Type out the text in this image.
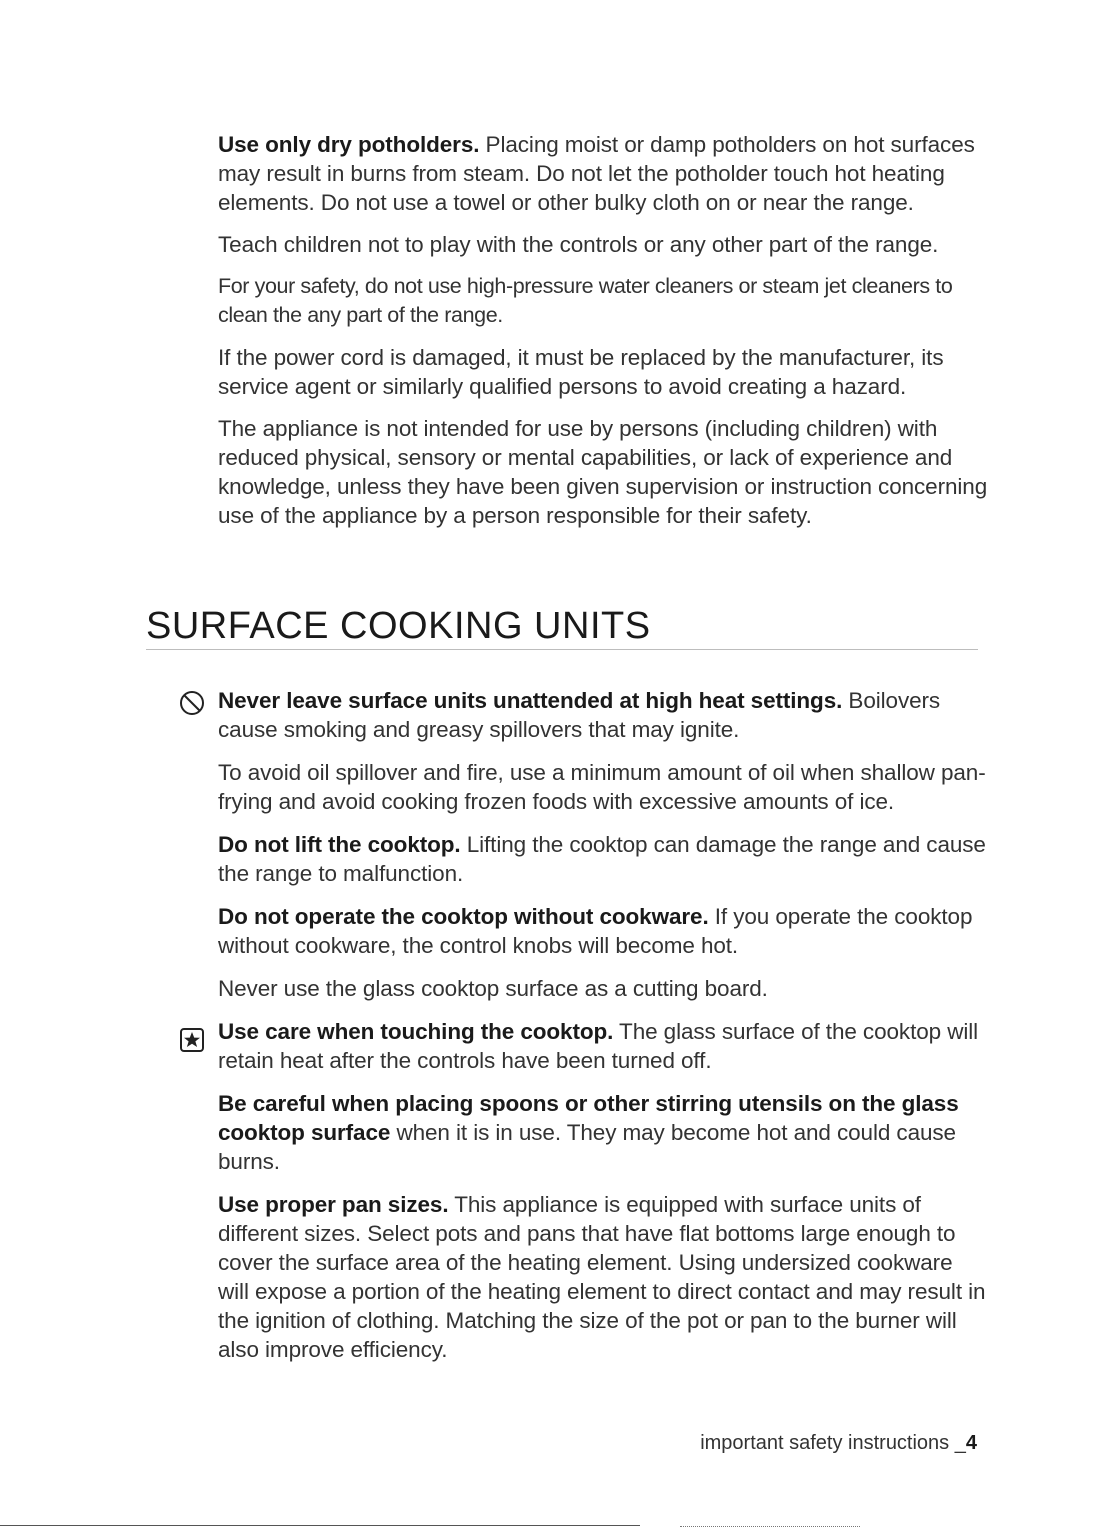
Use only dry potholders. Placing moist or damp potholders on hot surfaces may result in burns from steam. Do not let the potholder touch hot heating elements. Do not use a towel or other bulky cloth on or near the range.

Teach children not to play with the controls or any other part of the range.

For your safety, do not use high-pressure water cleaners or steam jet cleaners to clean the any part of the range.

If the power cord is damaged, it must be replaced by the manufacturer, its service agent or similarly qualified persons to avoid creating a hazard.

The appliance is not intended for use by persons (including children) with reduced physical, sensory or mental capabilities, or lack of experience and knowledge, unless they have been given supervision or instruction concerning use of the appliance by a person responsible for their safety.

SURFACE COOKING UNITS

Never leave surface units unattended at high heat settings. Boilovers cause smoking and greasy spillovers that may ignite.

To avoid oil spillover and fire, use a minimum amount of oil when shallow pan-frying and avoid cooking frozen foods with excessive amounts of ice.

Do not lift the cooktop. Lifting the cooktop can damage the range and cause the range to malfunction.

Do not operate the cooktop without cookware. If you operate the cooktop without cookware, the control knobs will become hot.

Never use the glass cooktop surface as a cutting board.

Use care when touching the cooktop. The glass surface of the cooktop will retain heat after the controls have been turned off.

Be careful when placing spoons or other stirring utensils on the glass cooktop surface when it is in use. They may become hot and could cause burns.

Use proper pan sizes. This appliance is equipped with surface units of different sizes. Select pots and pans that have flat bottoms large enough to cover the surface area of the heating element. Using undersized cookware will expose a portion of the heating element to direct contact and may result in the ignition of clothing. Matching the size of the pot or pan to the burner will also improve efficiency.

important safety instructions _4
